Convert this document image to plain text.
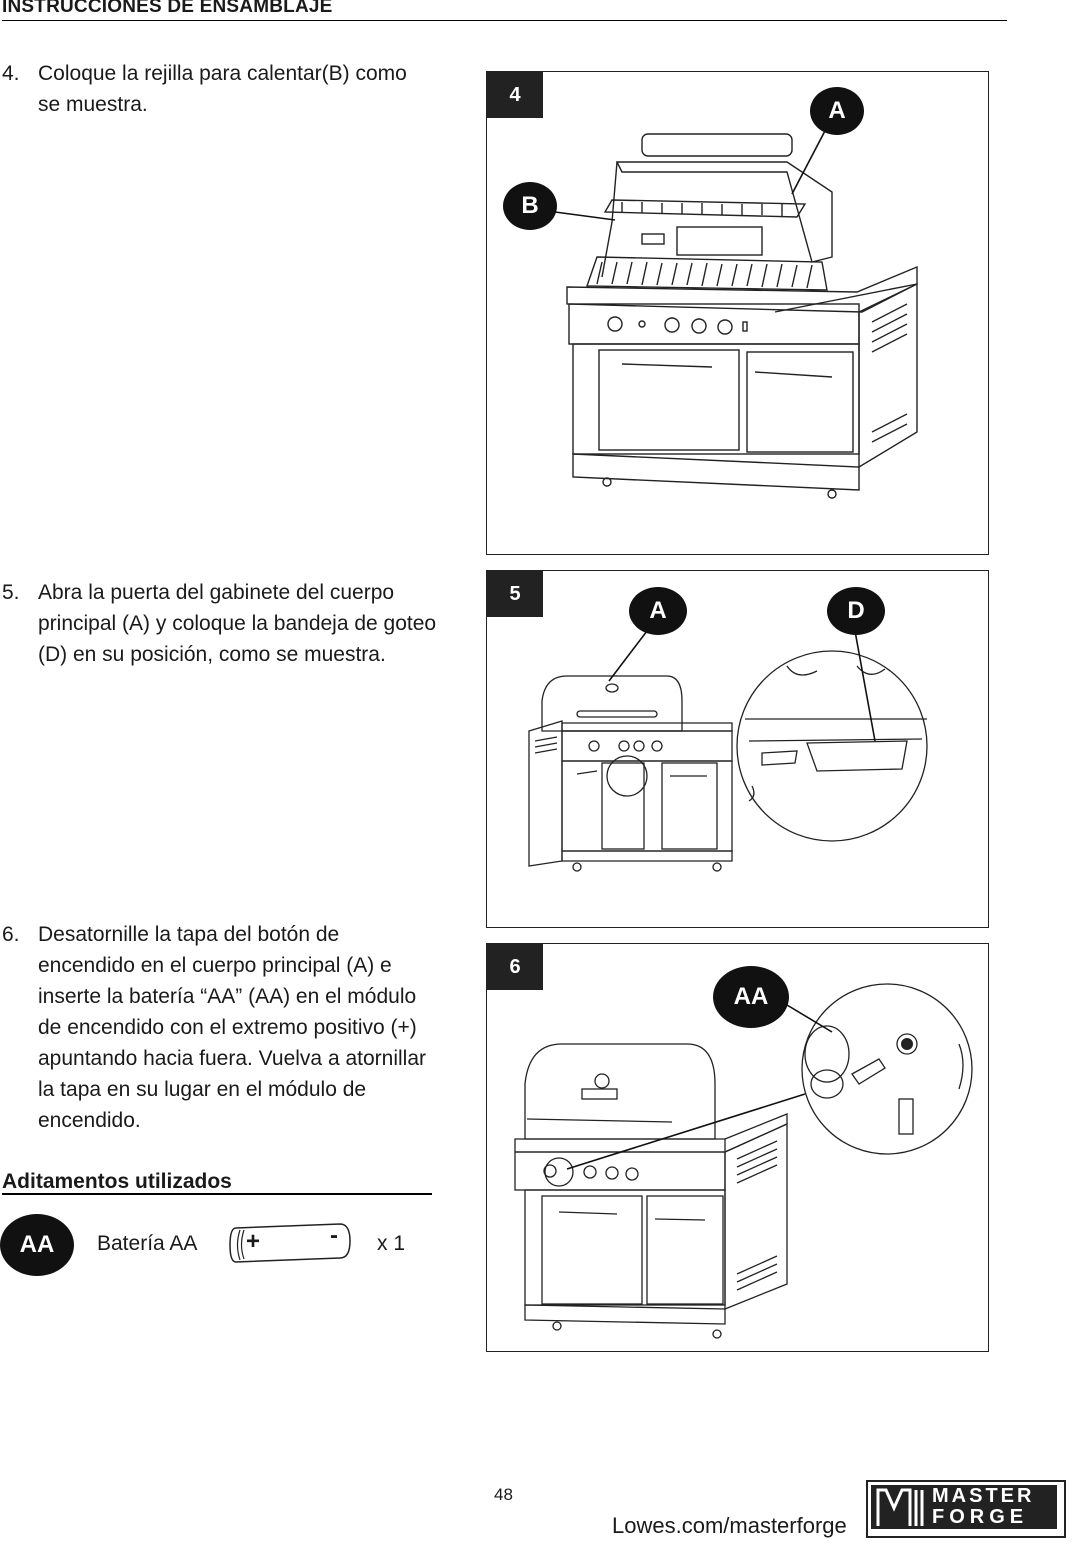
INSTRUCCIONES DE ENSAMBLAJE
4. Coloque la rejilla para calentar(B) como se muestra.
5. Abra la puerta del gabinete del cuerpo principal (A) y coloque la bandeja de goteo (D) en su posición, como se muestra.
6. Desatornille la tapa del botón de encendido en el cuerpo principal (A) e inserte la batería “AA” (AA) en el módulo de encendido con el extremo positivo (+) apuntando hacia fuera. Vuelva a atornillar la tapa en su lugar en el módulo de encendido.
4
A
B
5
A	D
6
AA
Aditamentos utilizados
AA	Batería AA +	- x 1
48
Lowes.com/masterforge
MASTER
FORGE
